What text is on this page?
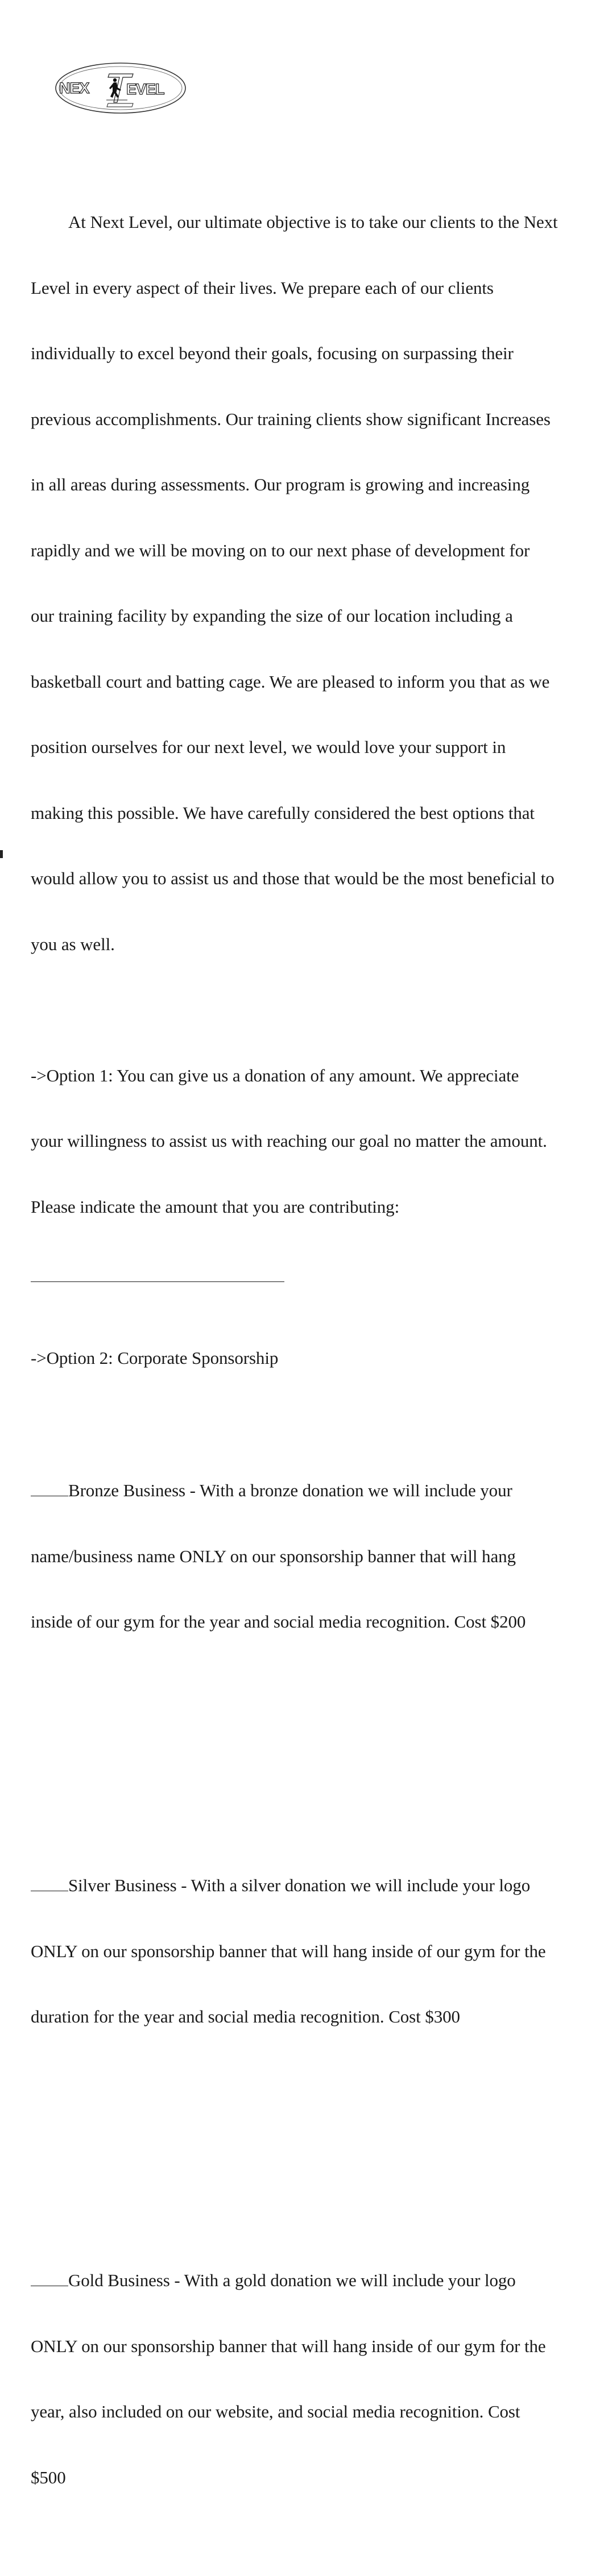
NEX EVEL

At Next Level, our ultimate objective is to take our clients to the Next

Level in every aspect of their lives. We prepare each of our clients

individually to excel beyond their goals, focusing on surpassing their

previous accomplishments. Our training clients show significant Increases

in all areas during assessments. Our program is growing and increasing

rapidly and we will be moving on to our next phase of development for

our training facility by expanding the size of our location including a

basketball court and batting cage. We are pleased to inform you that as we

position ourselves for our next level, we would love your support in

making this possible. We have carefully considered the best options that

would allow you to assist us and those that would be the most beneficial to

you as well.

->Option 1: You can give us a donation of any amount. We appreciate

your willingness to assist us with reaching our goal no matter the amount.

Please indicate the amount that you are contributing:

->Option 2: Corporate Sponsorship

Bronze Business - With a bronze donation we will include your

name/business name ONLY on our sponsorship banner that will hang

inside of our gym for the year and social media recognition. Cost $200

Silver Business - With a silver donation we will include your logo

ONLY on our sponsorship banner that will hang inside of our gym for the

duration for the year and social media recognition. Cost $300

Gold Business - With a gold donation we will include your logo

ONLY on our sponsorship banner that will hang inside of our gym for the

year, also included on our website, and social media recognition. Cost

$500
